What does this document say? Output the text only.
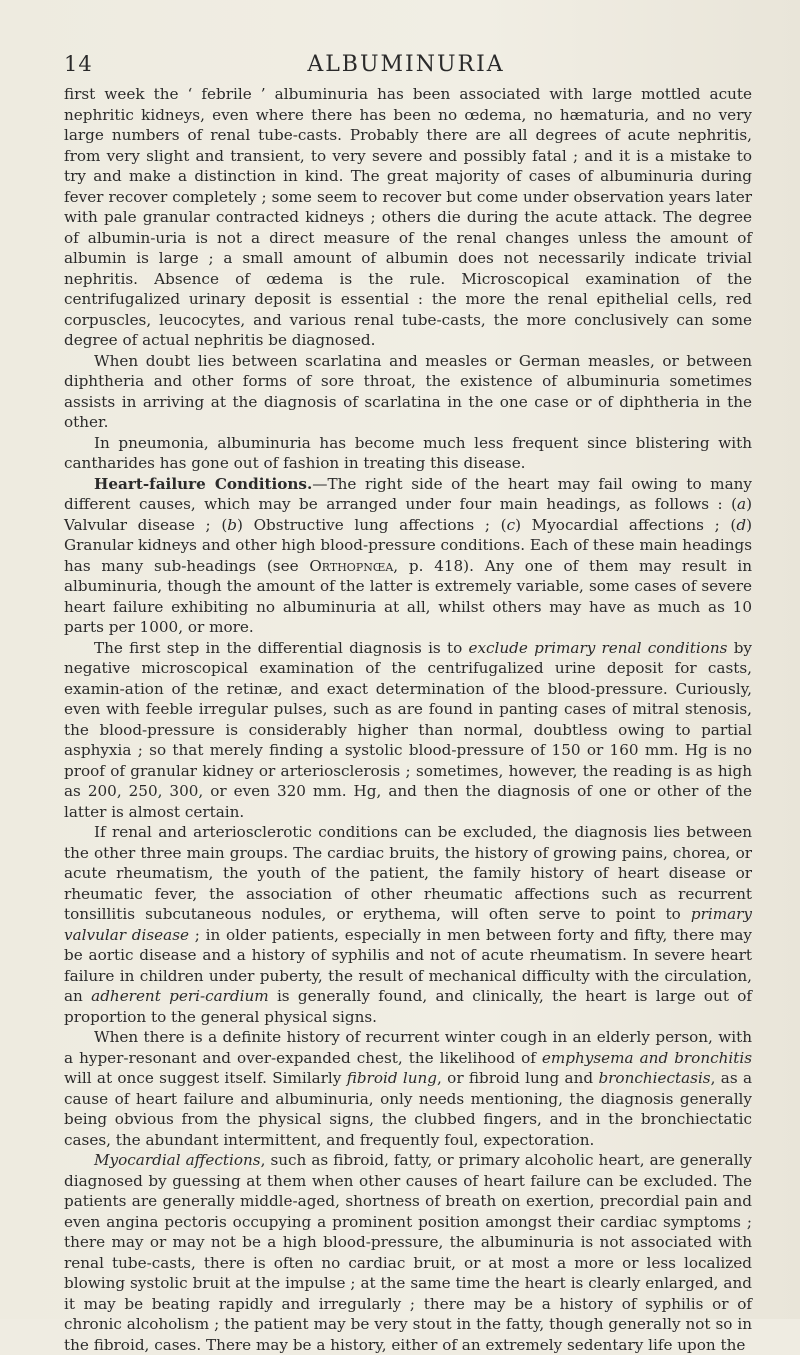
14	ALBUMINURIA

first week the ‘ febrile ’ albuminuria has been associated with large mottled acute nephritic kidneys, even where there has been no œdema, no hæmaturia, and no very large numbers of renal tube-casts. Probably there are all degrees of acute nephritis, from very slight and transient, to very severe and possibly fatal ; and it is a mistake to try and make a distinction in kind. The great majority of cases of albuminuria during fever recover completely ; some seem to recover but come under observation years later with pale granular contracted kidneys ; others die during the acute attack. The degree of albumin-uria is not a direct measure of the renal changes unless the amount of albumin is large ; a small amount of albumin does not necessarily indicate trivial nephritis. Absence of œdema is the rule. Microscopical examination of the centrifugalized urinary deposit is essential : the more the renal epithelial cells, red corpuscles, leucocytes, and various renal tube-casts, the more conclusively can some degree of actual nephritis be diagnosed.

When doubt lies between scarlatina and measles or German measles, or between diphtheria and other forms of sore throat, the existence of albuminuria sometimes assists in arriving at the diagnosis of scarlatina in the one case or of diphtheria in the other.

In pneumonia, albuminuria has become much less frequent since blistering with cantharides has gone out of fashion in treating this disease.

Heart-failure Conditions.—The right side of the heart may fail owing to many different causes, which may be arranged under four main headings, as follows : (a) Valvular disease ; (b) Obstructive lung affections ; (c) Myocardial affections ; (d) Granular kidneys and other high blood-pressure conditions. Each of these main headings has many sub-headings (see Orthopnœa, p. 418). Any one of them may result in albuminuria, though the amount of the latter is extremely variable, some cases of severe heart failure exhibiting no albuminuria at all, whilst others may have as much as 10 parts per 1000, or more.

The first step in the differential diagnosis is to exclude primary renal conditions by negative microscopical examination of the centrifugalized urine deposit for casts, examin-ation of the retinæ, and exact determination of the blood-pressure. Curiously, even with feeble irregular pulses, such as are found in panting cases of mitral stenosis, the blood-pressure is considerably higher than normal, doubtless owing to partial asphyxia ; so that merely finding a systolic blood-pressure of 150 or 160 mm. Hg is no proof of granular kidney or arteriosclerosis ; sometimes, however, the reading is as high as 200, 250, 300, or even 320 mm. Hg, and then the diagnosis of one or other of the latter is almost certain.

If renal and arteriosclerotic conditions can be excluded, the diagnosis lies between the other three main groups. The cardiac bruits, the history of growing pains, chorea, or acute rheumatism, the youth of the patient, the family history of heart disease or rheumatic fever, the association of other rheumatic affections such as recurrent tonsillitis subcutaneous nodules, or erythema, will often serve to point to primary valvular disease ; in older patients, especially in men between forty and fifty, there may be aortic disease and a history of syphilis and not of acute rheumatism. In severe heart failure in children under puberty, the result of mechanical difficulty with the circulation, an adherent peri-cardium is generally found, and clinically, the heart is large out of proportion to the general physical signs.

When there is a definite history of recurrent winter cough in an elderly person, with a hyper-resonant and over-expanded chest, the likelihood of emphysema and bronchitis will at once suggest itself. Similarly fibroid lung, or fibroid lung and bronchiectasis, as a cause of heart failure and albuminuria, only needs mentioning, the diagnosis generally being obvious from the physical signs, the clubbed fingers, and in the bronchiectatic cases, the abundant intermittent, and frequently foul, expectoration.

Myocardial affections, such as fibroid, fatty, or primary alcoholic heart, are generally diagnosed by guessing at them when other causes of heart failure can be excluded. The patients are generally middle-aged, shortness of breath on exertion, precordial pain and even angina pectoris occupying a prominent position amongst their cardiac symptoms ; there may or may not be a high blood-pressure, the albuminuria is not associated with renal tube-casts, there is often no cardiac bruit, or at most a more or less localized blowing systolic bruit at the impulse ; at the same time the heart is clearly enlarged, and it may be beating rapidly and irregularly ; there may be a history of syphilis or of chronic alcoholism ; the patient may be very stout in the fatty, though generally not so in the fibroid, cases. There may be a history, either of an extremely sedentary life upon the
